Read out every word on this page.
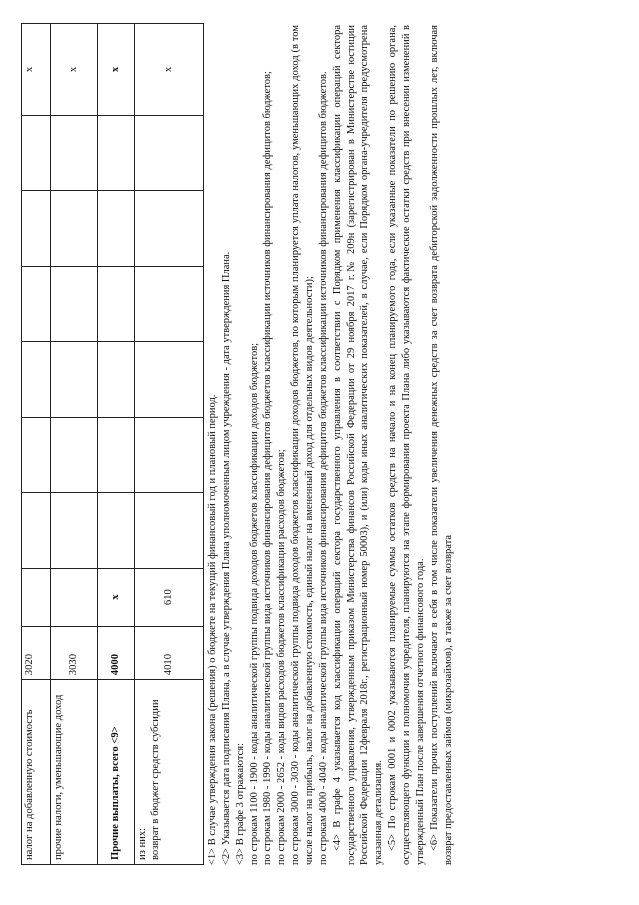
налог на добавленную стоимость	3020								x
прочие налоги, уменьшающие доход	3030								x
Прочие выплаты, всего <9>	4000	x							x
из них:
возврат в бюджет средств субсидии	4010	610							x

<1> В случае утверждения закона (решения) о бюджете на текущий финансовый год и плановый период. <2> Указывается дата подписания Плана, а в случае утверждения Плана уполномоченным лицом учреждения - дата утверждения Плана. <3> В графе 3 отражаются: по строкам 1100 - 1900 - коды аналитической группы подвида доходов бюджетов классификации доходов бюджетов; по строкам 1980 - 1990 - коды аналитической группы вида источников финансирования дефицитов бюджетов классификации источников финансирования дефицитов бюджетов; по строкам 2000 - 2652 - коды видов расходов бюджетов классификации расходов бюджетов; по строкам 3000 - 3030 - коды аналитической группы подвида доходов бюджетов классификации доходов бюджетов, по которым планируется уплата налогов, уменьшающих доход (в том числе налог на прибыль, налог на добавленную стоимость, единый налог на вмененный доход для отдельных видов деятельности); по строкам 4000 - 4040 - коды аналитической группы вида источников финансирования дефицитов бюджетов классификации источников финансирования дефицитов бюджетов. <4> В графе 4 указывается код классификации операций сектора государственного управления в соответствии с Порядком применения классификации операций сектора государственного управления, утвержденным приказом Министерства финансов Российской Федерации от 29 ноября 2017 г.№ 209н (зарегистрирован в Министерстве юстиции Российской Федерации 12февраля 2018г., регистрационный номер 50003), и (или) коды иных аналитических показателей, в случае, если Порядком органа-учредителя предусмотрена указанная детализация. <5> По строкам 0001 и 0002 указываются планируемые суммы остатков средств на начало и на конец планируемого года, если указанные показатели по решению органа, осуществляющего функции и полномочия учредителя, планируются на этапе формирования проекта Плана либо указываются фактические остатки средств при внесении изменений в утвержденный План после завершения отчетного финансового года. <6> Показатели прочих поступлений включают в себя в том числе показатели увеличения денежных средств за счет возврата дебиторской задолженности прошлых лет, включая возврат предоставленных займов (микрозаймов), а также за счет возврата
